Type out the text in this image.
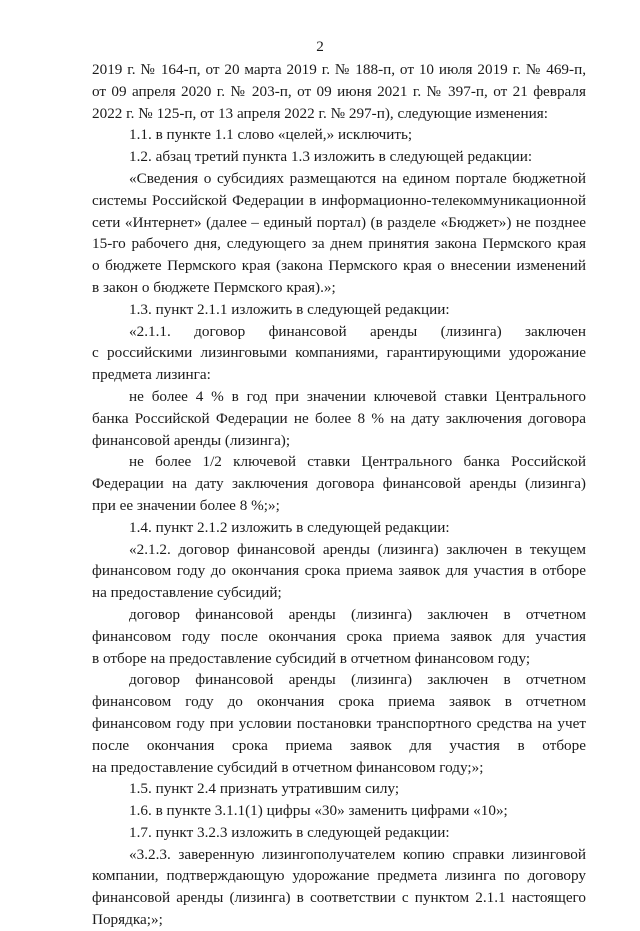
2
2019 г. № 164-п, от 20 марта 2019 г. № 188-п, от 10 июля 2019 г. № 469-п,
от 09 апреля 2020 г. № 203-п, от 09 июня 2021 г. № 397-п, от 21 февраля
2022 г. № 125-п, от 13 апреля 2022 г. № 297-п), следующие изменения:
1.1. в пункте 1.1 слово «целей,» исключить;
1.2. абзац третий пункта 1.3 изложить в следующей редакции:
«Сведения о субсидиях размещаются на едином портале бюджетной
системы Российской Федерации в информационно-телекоммуникационной
сети «Интернет» (далее – единый портал) (в разделе «Бюджет») не позднее
15-го рабочего дня, следующего за днем принятия закона Пермского края
о бюджете Пермского края (закона Пермского края о внесении изменений
в закон о бюджете Пермского края).»;
1.3. пункт 2.1.1 изложить в следующей редакции:
«2.1.1. договор финансовой аренды (лизинга) заключен
с российскими лизинговыми компаниями, гарантирующими удорожание
предмета лизинга:
не более 4 % в год при значении ключевой ставки Центрального
банка Российской Федерации не более 8 % на дату заключения договора
финансовой аренды (лизинга);
не более 1/2 ключевой ставки Центрального банка Российской
Федерации на дату заключения договора финансовой аренды (лизинга)
при ее значении более 8 %;»;
1.4. пункт 2.1.2 изложить в следующей редакции:
«2.1.2. договор финансовой аренды (лизинга) заключен в текущем
финансовом году до окончания срока приема заявок для участия в отборе
на предоставление субсидий;
договор финансовой аренды (лизинга) заключен в отчетном
финансовом году после окончания срока приема заявок для участия
в отборе на предоставление субсидий в отчетном финансовом году;
договор финансовой аренды (лизинга) заключен в отчетном
финансовом году до окончания срока приема заявок в отчетном
финансовом году при условии постановки транспортного средства на учет
после окончания срока приема заявок для участия в отборе
на предоставление субсидий в отчетном финансовом году;»;
1.5. пункт 2.4 признать утратившим силу;
1.6. в пункте 3.1.1(1) цифры «30» заменить цифрами «10»;
1.7. пункт 3.2.3 изложить в следующей редакции:
«3.2.3. заверенную лизингополучателем копию справки лизинговой
компании, подтверждающую удорожание предмета лизинга по договору
финансовой аренды (лизинга) в соответствии с пунктом 2.1.1 настоящего
Порядка;»;
